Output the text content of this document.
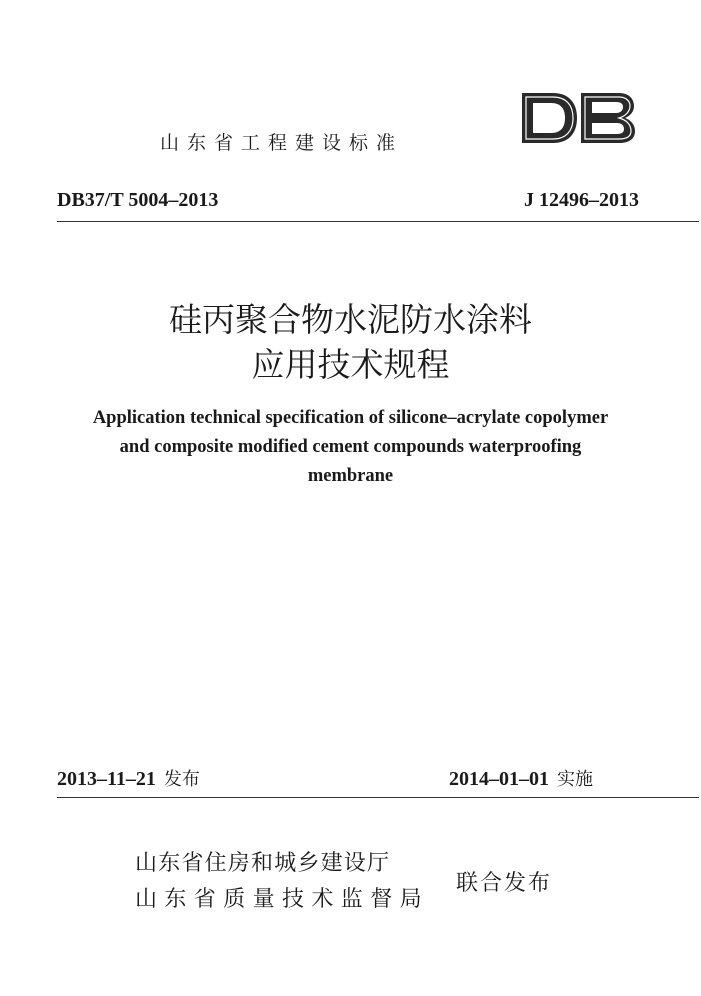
山东省工程建设标准
DB37/T 5004–2013	J 12496–2013
硅丙聚合物水泥防水涂料
应用技术规程
Application technical specification of silicone–acrylate copolymer
and composite modified cement compounds waterproofing
membrane
2013–11–21 发布	2014–01–01 实施
山东省住房和城乡建设厅
山东省质量技术监督局
联合发布
